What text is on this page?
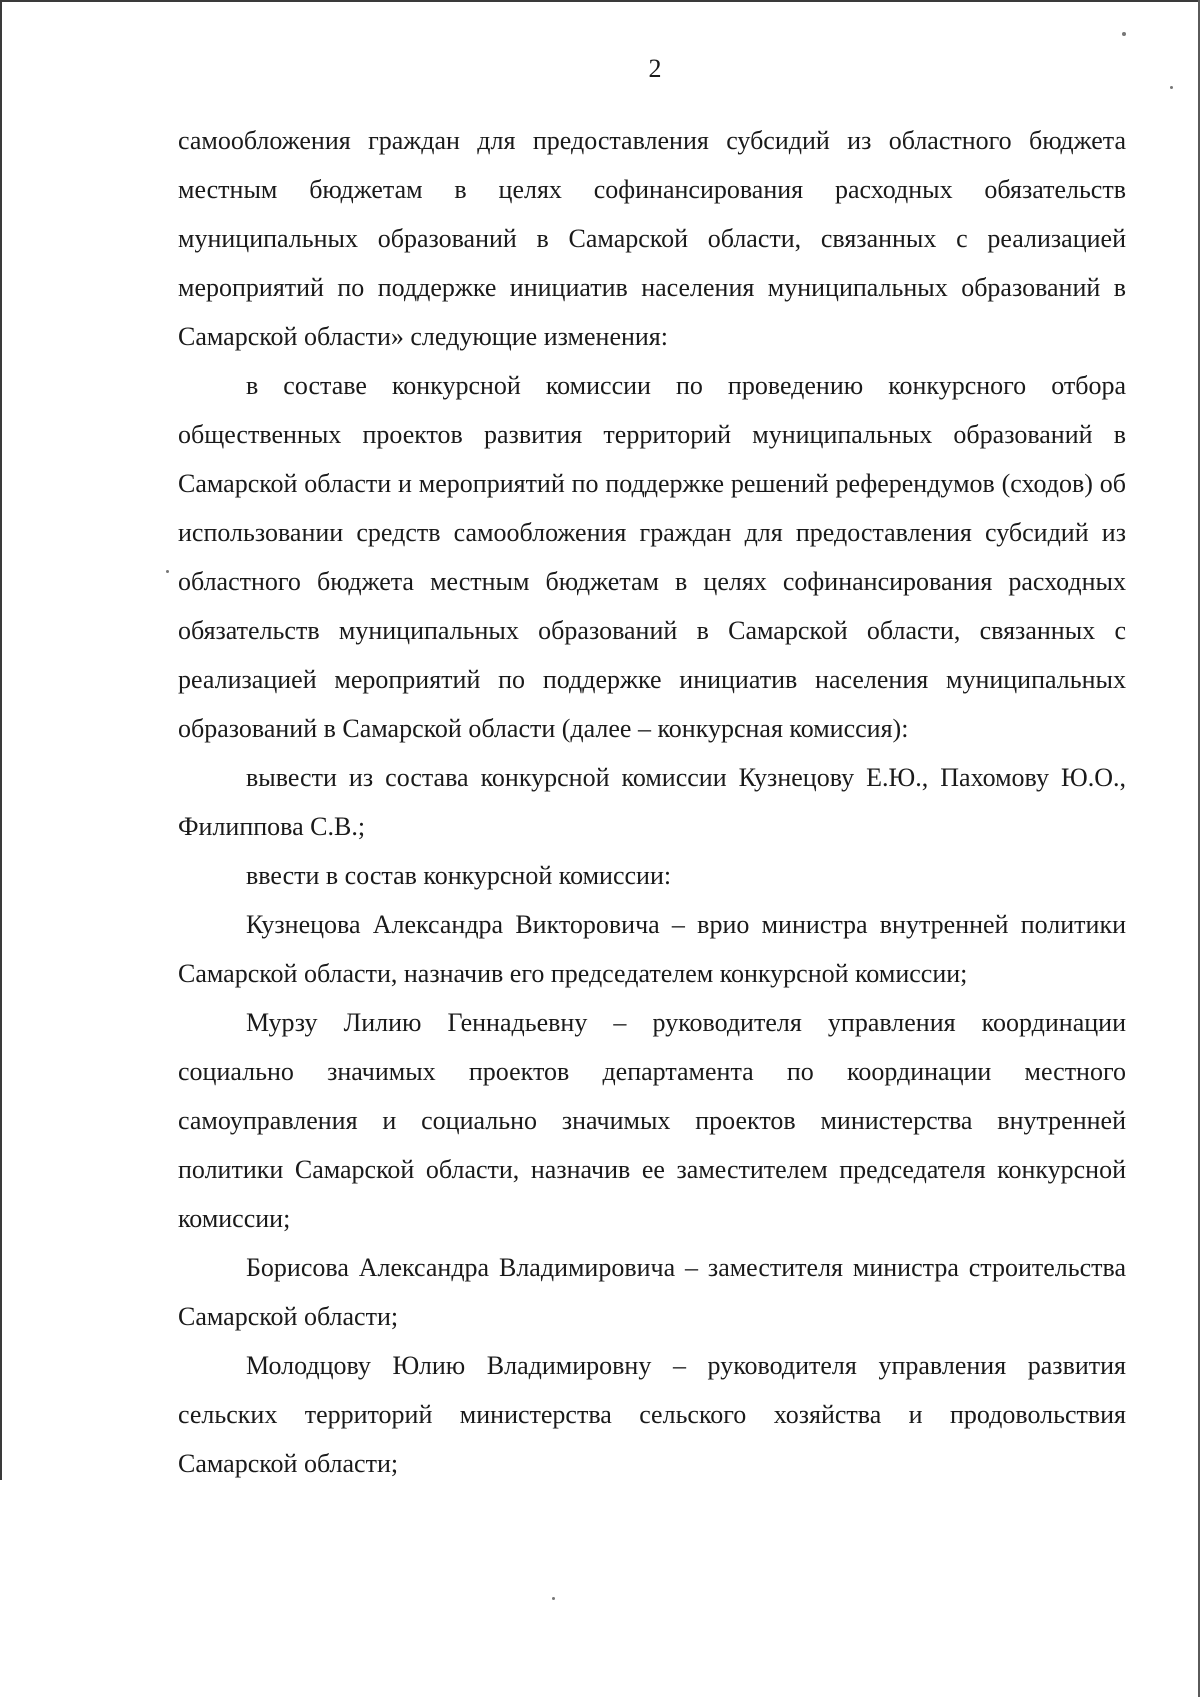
2

самообложения граждан для предоставления субсидий из областного бюджета местным бюджетам в целях софинансирования расходных обязательств муниципальных образований в Самарской области, связанных с реализацией мероприятий по поддержке инициатив населения муниципальных образований в Самарской области» следующие изменения:

в составе конкурсной комиссии по проведению конкурсного отбора общественных проектов развития территорий муниципальных образований в Самарской области и мероприятий по поддержке решений референдумов (сходов) об использовании средств самообложения граждан для предоставления субсидий из областного бюджета местным бюджетам в целях софинансирования расходных обязательств муниципальных образований в Самарской области, связанных с реализацией мероприятий по поддержке инициатив населения муниципальных образований в Самарской области (далее – конкурсная комиссия):

вывести из состава конкурсной комиссии Кузнецову Е.Ю., Пахомову Ю.О., Филиппова С.В.;

ввести в состав конкурсной комиссии:

Кузнецова Александра Викторовича – врио министра внутренней политики Самарской области, назначив его председателем конкурсной комиссии;

Мурзу Лилию Геннадьевну – руководителя управления координации социально значимых проектов департамента по координации местного самоуправления и социально значимых проектов министерства внутренней политики Самарской области, назначив ее заместителем председателя конкурсной комиссии;

Борисова Александра Владимировича – заместителя министра строительства Самарской области;

Молодцову Юлию Владимировну – руководителя управления развития сельских территорий министерства сельского хозяйства и продовольствия Самарской области;
